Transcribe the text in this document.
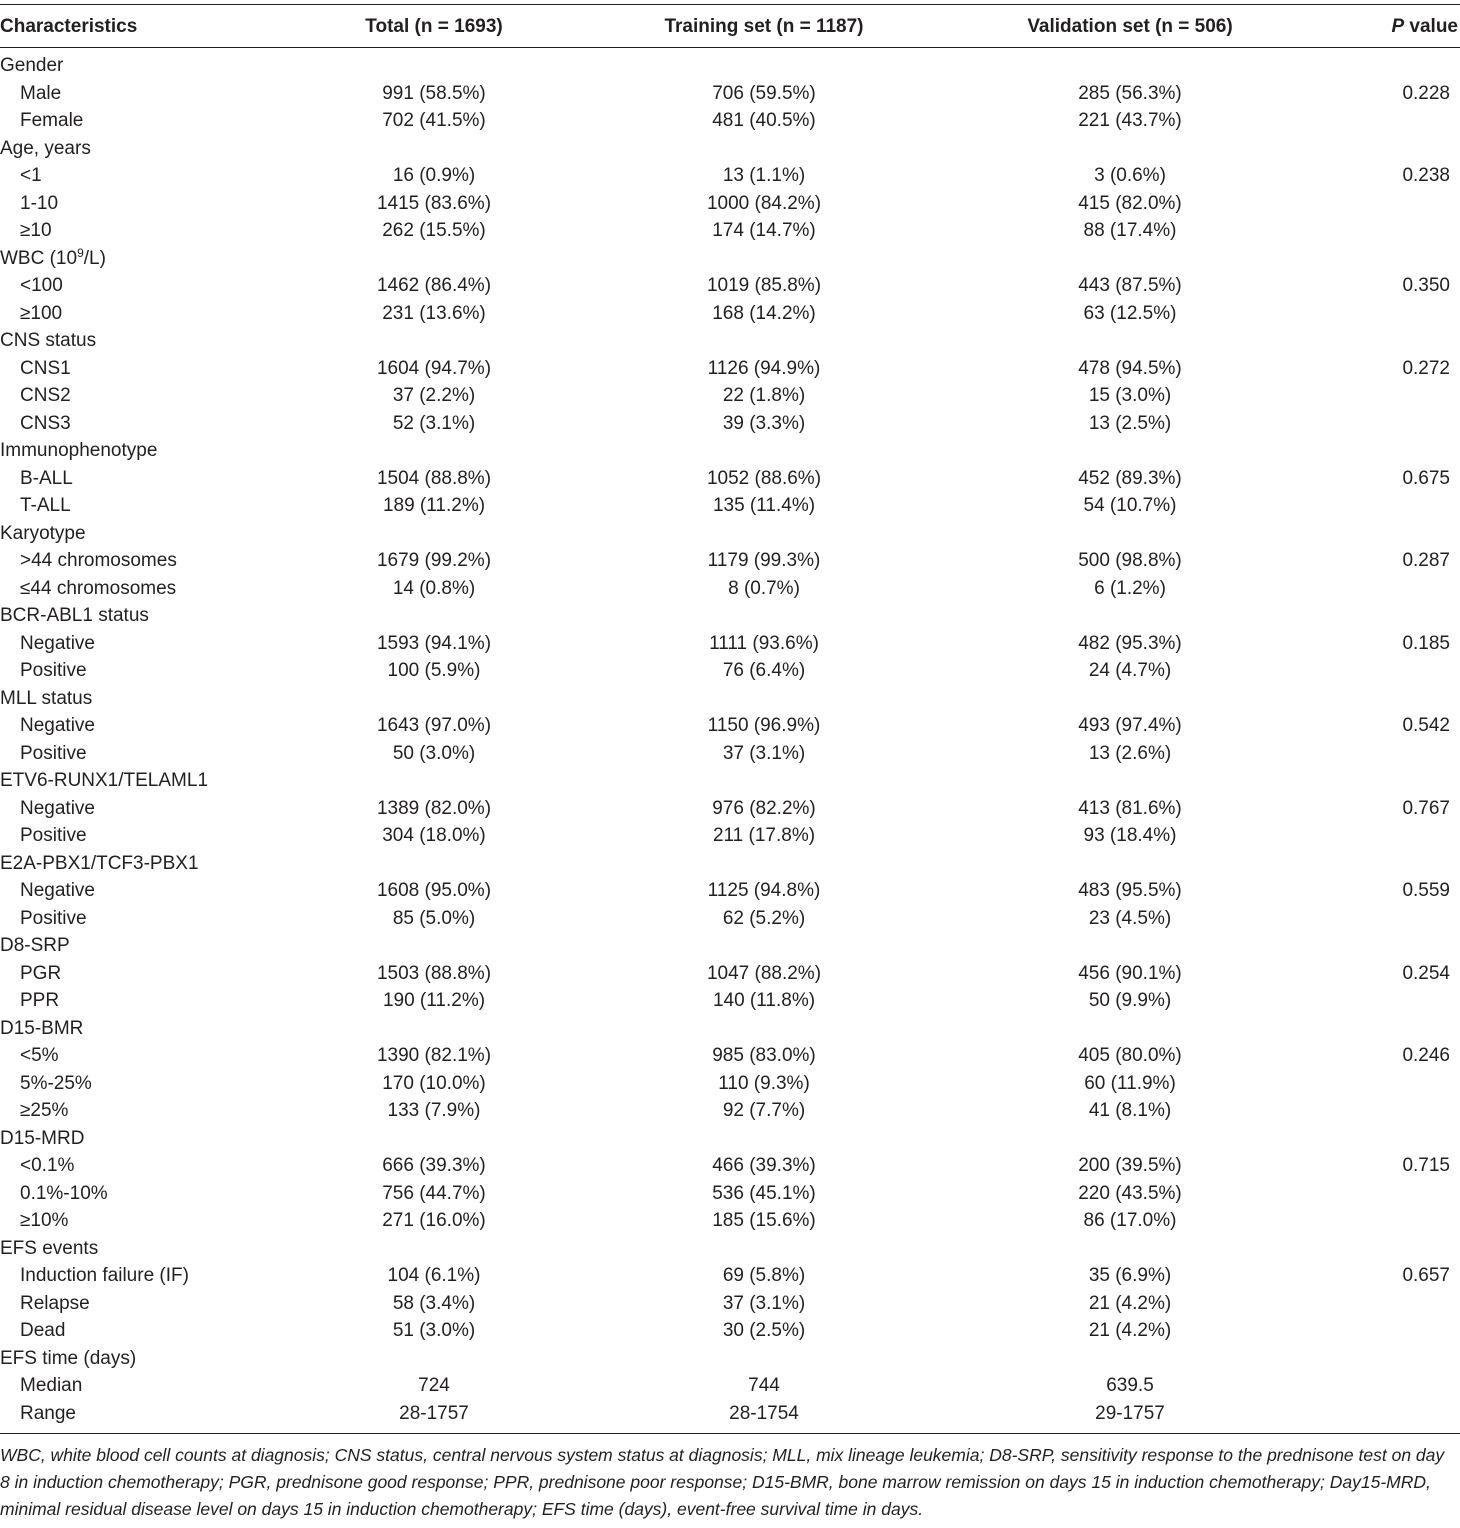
Characteristics	Total (n = 1693)	Training set (n = 1187)	Validation set (n = 506)	P value
Gender
Male	991 (58.5%)	706 (59.5%)	285 (56.3%)	0.228
Female	702 (41.5%)	481 (40.5%)	221 (43.7%)
Age, years
<1	16 (0.9%)	13 (1.1%)	3 (0.6%)	0.238
1-10	1415 (83.6%)	1000 (84.2%)	415 (82.0%)
≥10	262 (15.5%)	174 (14.7%)	88 (17.4%)
WBC $(10^9/L)$
<100	1462 (86.4%)	1019 (85.8%)	443 (87.5%)	0.350
≥100	231 (13.6%)	168 (14.2%)	63 (12.5%)
CNS status
CNS1	1604 (94.7%)	1126 (94.9%)	478 (94.5%)	0.272
CNS2	37 (2.2%)	22 (1.8%)	15 (3.0%)
CNS3	52 (3.1%)	39 (3.3%)	13 (2.5%)
Immunophenotype
B-ALL	1504 (88.8%)	1052 (88.6%)	452 (89.3%)	0.675
T-ALL	189 (11.2%)	135 (11.4%)	54 (10.7%)
Karyotype
>44 chromosomes	1679 (99.2%)	1179 (99.3%)	500 (98.8%)	0.287
≤44 chromosomes	14 (0.8%)	8 (0.7%)	6 (1.2%)
BCR-ABL1 status
Negative	1593 (94.1%)	1111 (93.6%)	482 (95.3%)	0.185
Positive	100 (5.9%)	76 (6.4%)	24 (4.7%)
MLL status
Negative	1643 (97.0%)	1150 (96.9%)	493 (97.4%)	0.542
Positive	50 (3.0%)	37 (3.1%)	13 (2.6%)
ETV6-RUNX1/TELAML1
Negative	1389 (82.0%)	976 (82.2%)	413 (81.6%)	0.767
Positive	304 (18.0%)	211 (17.8%)	93 (18.4%)
E2A-PBX1/TCF3-PBX1
Negative	1608 (95.0%)	1125 (94.8%)	483 (95.5%)	0.559
Positive	85 (5.0%)	62 (5.2%)	23 (4.5%)
D8-SRP
PGR	1503 (88.8%)	1047 (88.2%)	456 (90.1%)	0.254
PPR	190 (11.2%)	140 (11.8%)	50 (9.9%)
D15-BMR
<5%	1390 (82.1%)	985 (83.0%)	405 (80.0%)	0.246
5%-25%	170 (10.0%)	110 (9.3%)	60 (11.9%)
≥25%	133 (7.9%)	92 (7.7%)	41 (8.1%)
D15-MRD
<0.1%	666 (39.3%)	466 (39.3%)	200 (39.5%)	0.715
0.1%-10%	756 (44.7%)	536 (45.1%)	220 (43.5%)
≥10%	271 (16.0%)	185 (15.6%)	86 (17.0%)
EFS events
Induction failure (IF)	104 (6.1%)	69 (5.8%)	35 (6.9%)	0.657
Relapse	58 (3.4%)	37 (3.1%)	21 (4.2%)
Dead	51 (3.0%)	30 (2.5%)	21 (4.2%)
EFS time (days)
Median	724	744	639.5
Range	28-1757	28-1754	29-1757
WBC, white blood cell counts at diagnosis; CNS status, central nervous system status at diagnosis; MLL, mix lineage leukemia; D8-SRP, sensitivity response to the prednisone test on day 8 in induction chemotherapy; PGR, prednisone good response; PPR, prednisone poor response; D15-BMR, bone marrow remission on days 15 in induction chemotherapy; Day15-MRD, minimal residual disease level on days 15 in induction chemotherapy; EFS time (days), event-free survival time in days.
